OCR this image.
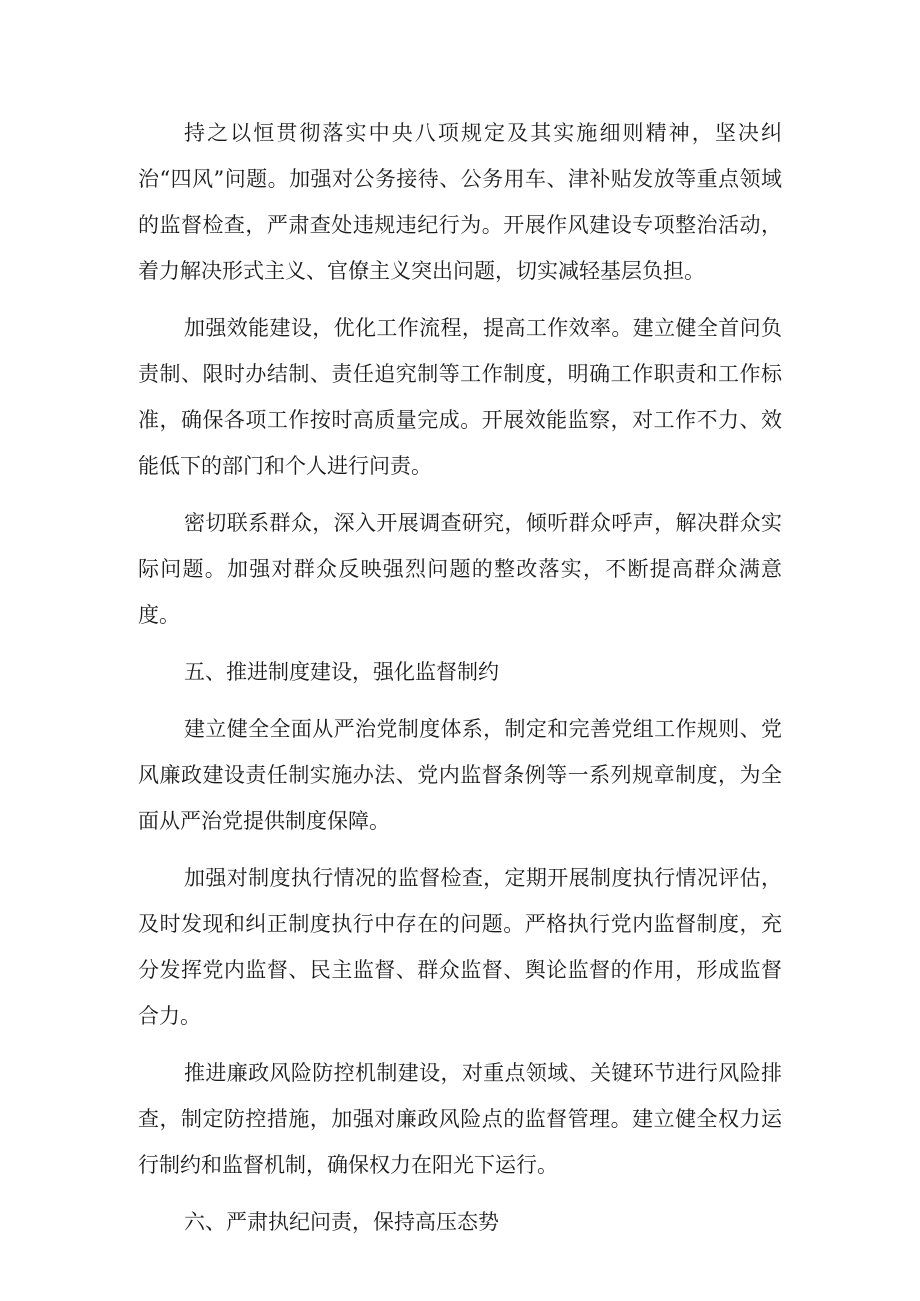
持之以恒贯彻落实中央八项规定及其实施细则精神，坚决纠治“四风”问题。加强对公务接待、公务用车、津补贴发放等重点领域的监督检查，严肃查处违规违纪行为。开展作风建设专项整治活动，着力解决形式主义、官僚主义突出问题，切实减轻基层负担。

加强效能建设，优化工作流程，提高工作效率。建立健全首问负责制、限时办结制、责任追究制等工作制度，明确工作职责和工作标准，确保各项工作按时高质量完成。开展效能监察，对工作不力、效能低下的部门和个人进行问责。

密切联系群众，深入开展调查研究，倾听群众呼声，解决群众实际问题。加强对群众反映强烈问题的整改落实，不断提高群众满意度。

五、推进制度建设，强化监督制约

建立健全全面从严治党制度体系，制定和完善党组工作规则、党风廉政建设责任制实施办法、党内监督条例等一系列规章制度，为全面从严治党提供制度保障。

加强对制度执行情况的监督检查，定期开展制度执行情况评估，及时发现和纠正制度执行中存在的问题。严格执行党内监督制度，充分发挥党内监督、民主监督、群众监督、舆论监督的作用，形成监督合力。

推进廉政风险防控机制建设，对重点领域、关键环节进行风险排查，制定防控措施，加强对廉政风险点的监督管理。建立健全权力运行制约和监督机制，确保权力在阳光下运行。

六、严肃执纪问责，保持高压态势
